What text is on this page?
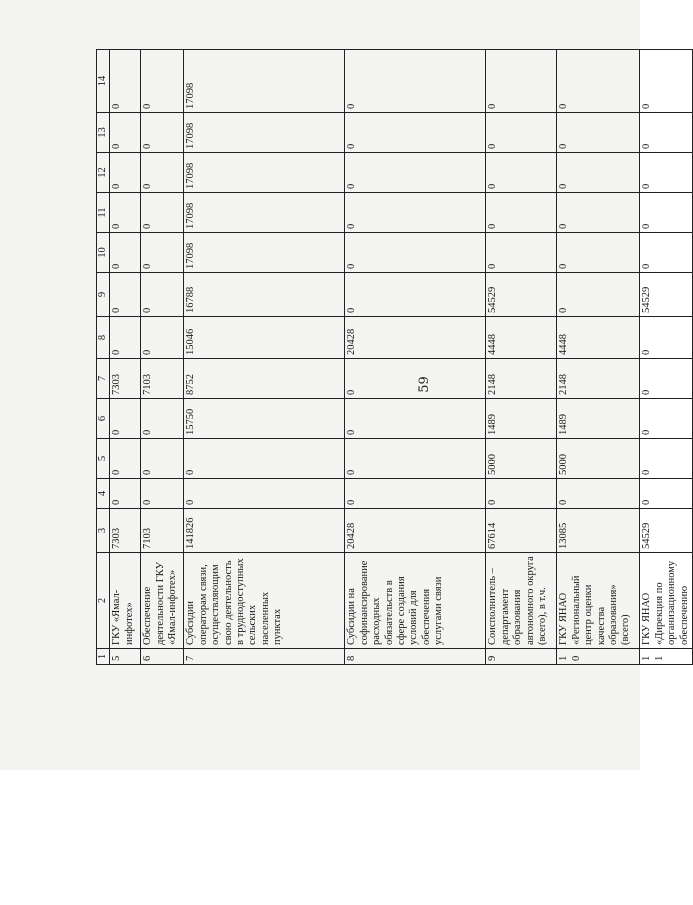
59
1	2	3	4	5	6	7	8	9	10	11	12	13	14
5	ГКУ «Ямал-инфотех»	7303	0	0	0	7303	0	0	0	0	0	0	0
6	Обеспечение деятельности ГКУ «Ямал-инфотех»	7103	0	0	0	7103	0	0	0	0	0	0	0
7	Субсидии операторам связи, осуществляющим свою деятельность в труднодоступных сельских населенных пунктах	141826	0	0	15750	8752	15046	16788	17098	17098	17098	17098	17098
8	Субсидии на софинансирование расходных обязательств в сфере создания условий для обеспечения услугами связи	20428	0	0	0	0	20428	0	0	0	0	0	0
9	Соисполнитель – департамент образования автономного округа (всего), в т.ч.	67614	0	5000	1489	2148	4448	54529	0	0	0	0	0
10	ГКУ ЯНАО «Региональный центр оценки качества образования» (всего)	13085	0	5000	1489	2148	4448	0	0	0	0	0	0
11	ГКУ ЯНАО «Дирекция по организационному обеспечению	54529	0	0	0	0	0	54529	0	0	0	0	0
